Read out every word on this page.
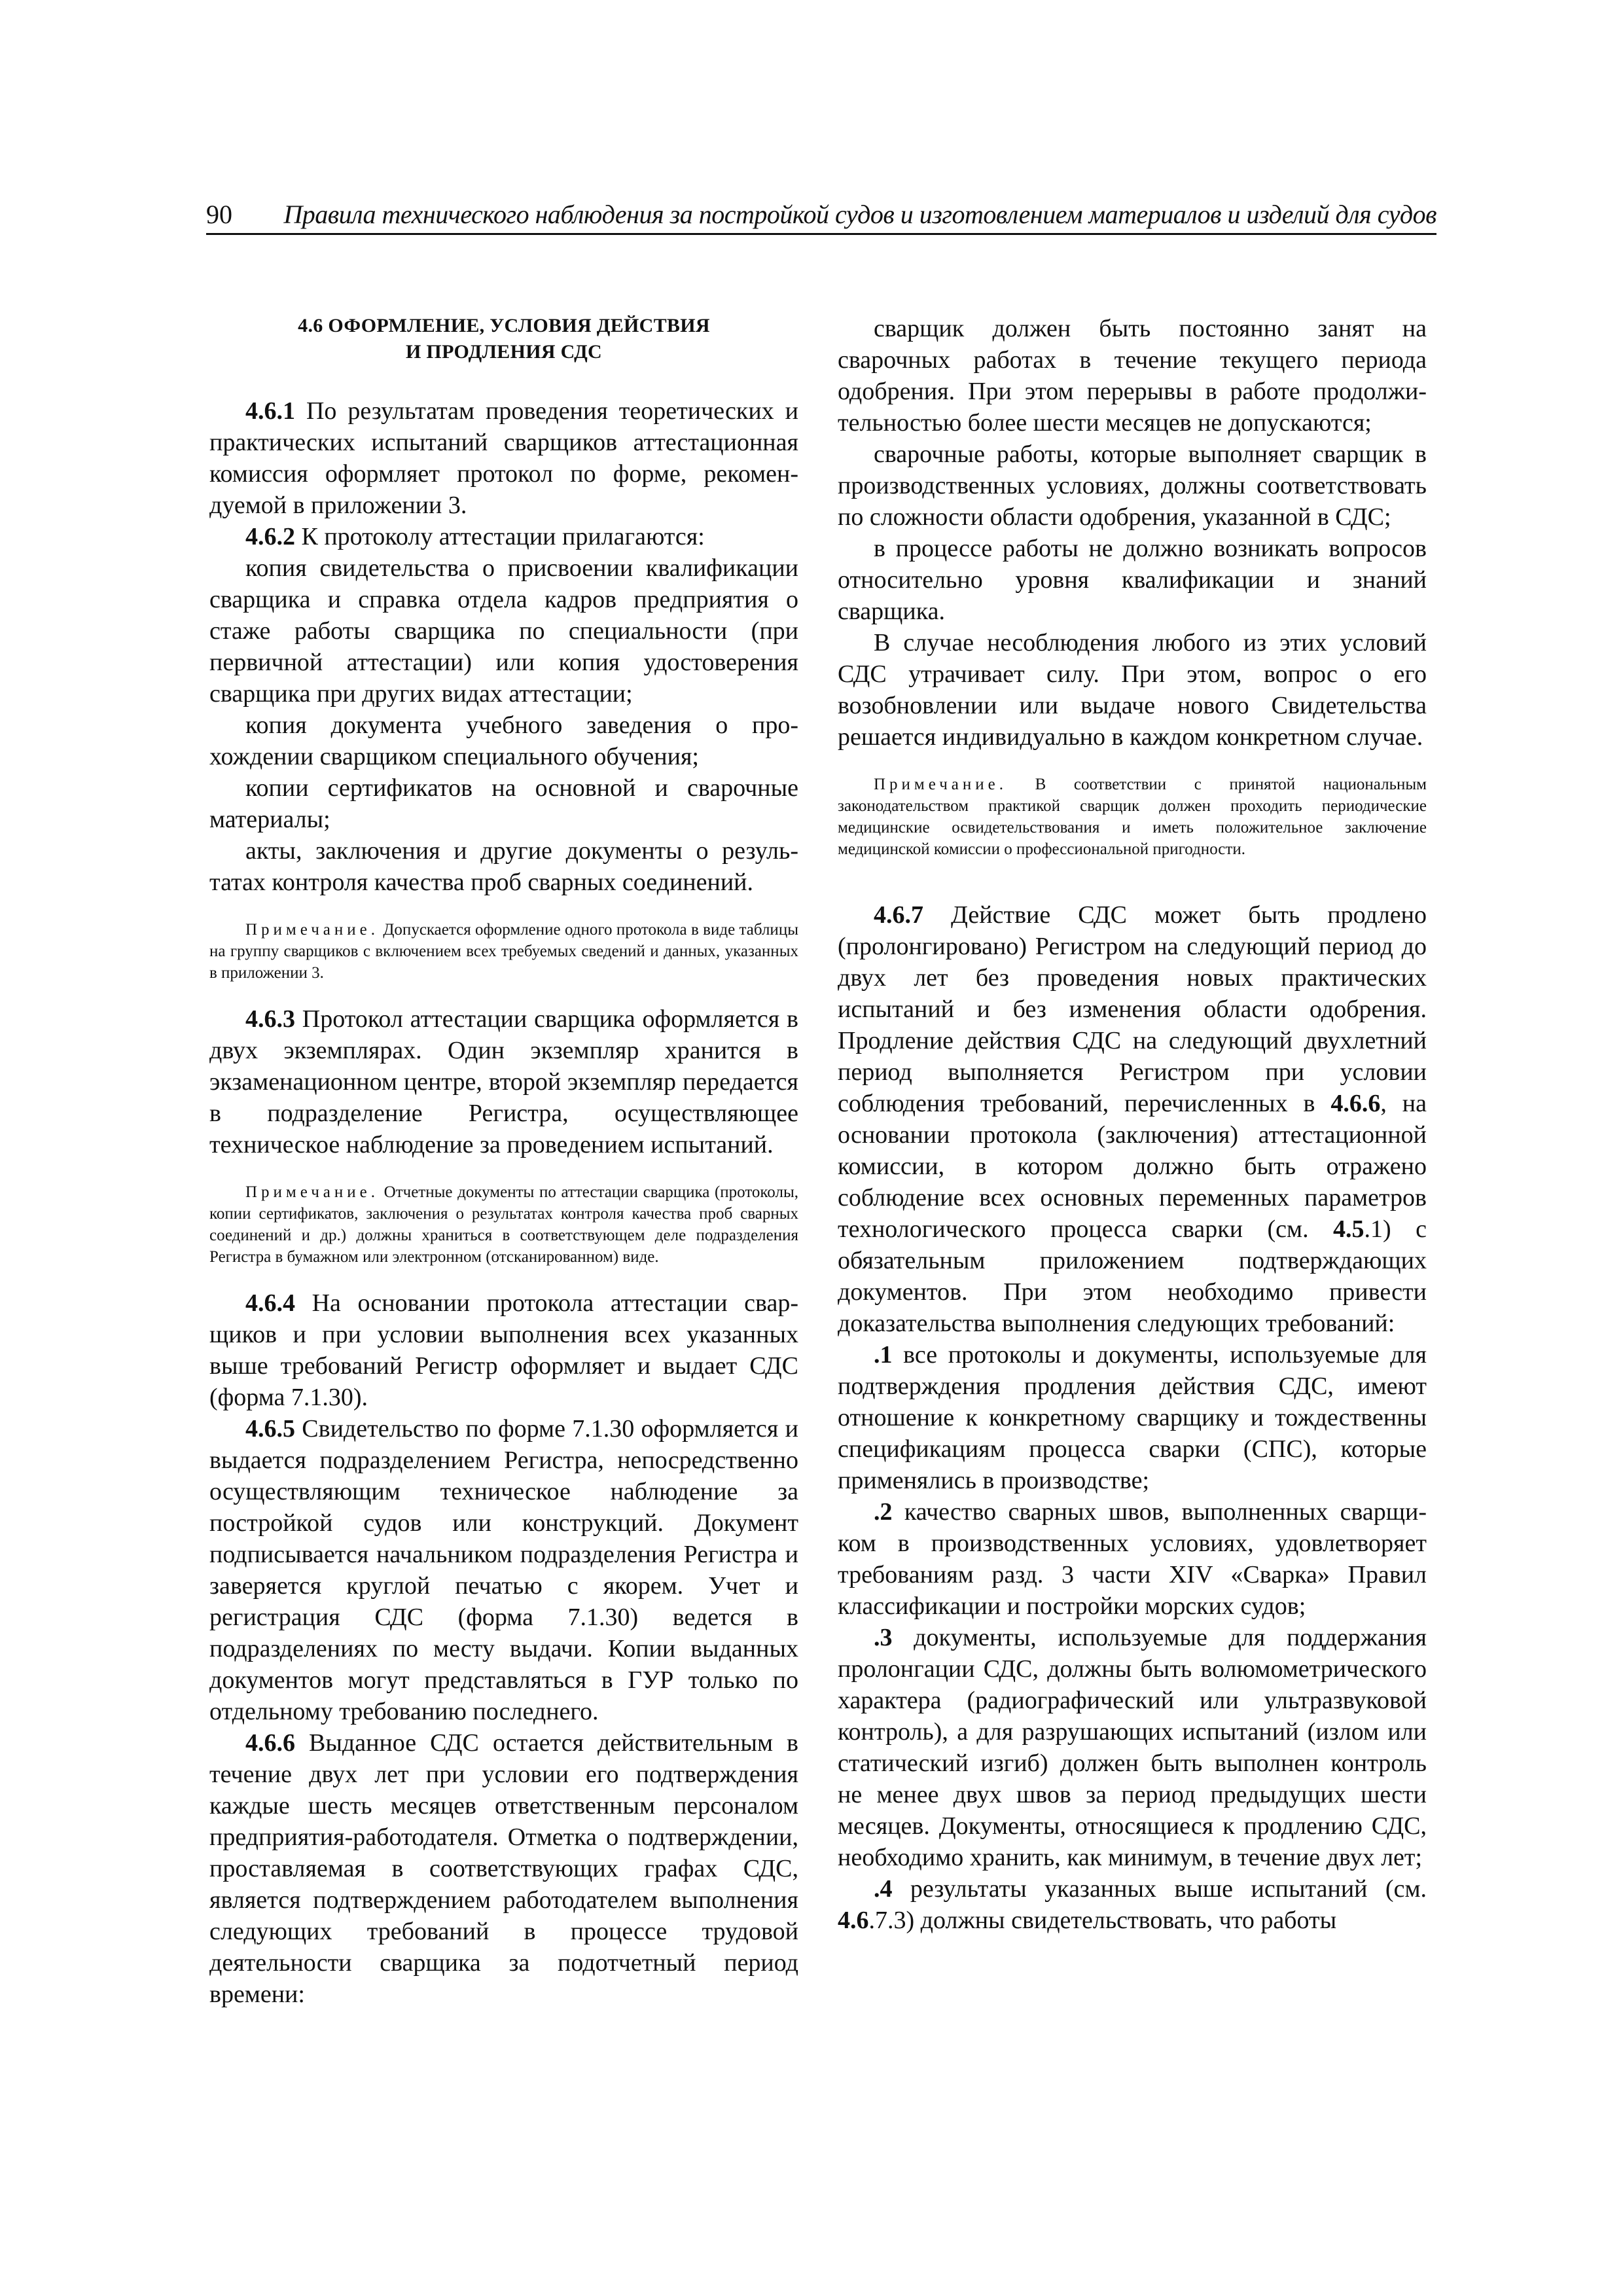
90 Правила технического наблюдения за постройкой судов и изготовлением материалов и изделий для судов

4.6 ОФОРМЛЕНИЕ, УСЛОВИЯ ДЕЙСТВИЯ
И ПРОДЛЕНИЯ СДС

4.6.1 По результатам проведения теоретических и практических испытаний сварщиков аттестационная комиссия оформляет протокол по форме, рекомендуемой в приложении 3.

4.6.2 К протоколу аттестации прилагаются:

копия свидетельства о присвоении квалификации сварщика и справка отдела кадров предприятия о стаже работы сварщика по специальности (при первичной аттестации) или копия удостоверения сварщика при других видах аттестации;

копия документа учебного заведения о прохождении сварщиком специального обучения;

копии сертификатов на основной и сварочные материалы;

акты, заключения и другие документы о результатах контроля качества проб сварных соединений.

Примечание. Допускается оформление одного протокола в виде таблицы на группу сварщиков с включением всех требуемых сведений и данных, указанных в приложении 3.

4.6.3 Протокол аттестации сварщика оформляется в двух экземплярах. Один экземпляр хранится в экзаменационном центре, второй экземпляр передается в подразделение Регистра, осуществляющее техническое наблюдение за проведением испытаний.

Примечание. Отчетные документы по аттестации сварщика (протоколы, копии сертификатов, заключения о результатах контроля качества проб сварных соединений и др.) должны храниться в соответствующем деле подразделения Регистра в бумажном или электронном (отсканированном) виде.

4.6.4 На основании протокола аттестации сварщиков и при условии выполнения всех указанных выше требований Регистр оформляет и выдает СДС (форма 7.1.30).

4.6.5 Свидетельство по форме 7.1.30 оформляется и выдается подразделением Регистра, непосредственно осуществляющим техническое наблюдение за постройкой судов или конструкций. Документ подписывается начальником подразделения Регистра и заверяется круглой печатью с якорем. Учет и регистрация СДС (форма 7.1.30) ведется в подразделениях по месту выдачи. Копии выданных документов могут представляться в ГУР только по отдельному требованию последнего.

4.6.6 Выданное СДС остается действительным в течение двух лет при условии его подтверждения каждые шесть месяцев ответственным персоналом предприятия-работодателя. Отметка о подтверждении, проставляемая в соответствующих графах СДС, является подтверждением работодателем выполнения следующих требований в процессе трудовой деятельности сварщика за подотчетный период времени:

сварщик должен быть постоянно занят на сварочных работах в течение текущего периода одобрения. При этом перерывы в работе продолжительностью более шести месяцев не допускаются;

сварочные работы, которые выполняет сварщик в производственных условиях, должны соответствовать по сложности области одобрения, указанной в СДС;

в процессе работы не должно возникать вопросов относительно уровня квалификации и знаний сварщика.

В случае несоблюдения любого из этих условий СДС утрачивает силу. При этом, вопрос о его возобновлении или выдаче нового Свидетельства решается индивидуально в каждом конкретном случае.

Примечание. В соответствии с принятой национальным законодательством практикой сварщик должен проходить периодические медицинские освидетельствования и иметь положительное заключение медицинской комиссии о профессиональной пригодности.

4.6.7 Действие СДС может быть продлено (пролонгировано) Регистром на следующий период до двух лет без проведения новых практических испытаний и без изменения области одобрения. Продление действия СДС на следующий двухлетний период выполняется Регистром при условии соблюдения требований, перечисленных в 4.6.6, на основании протокола (заключения) аттестационной комиссии, в котором должно быть отражено соблюдение всех основных переменных параметров технологического процесса сварки (см. 4.5.1) с обязательным приложением подтверждающих документов. При этом необходимо привести доказательства выполнения следующих требований:

.1 все протоколы и документы, используемые для подтверждения продления действия СДС, имеют отношение к конкретному сварщику и тождественны спецификациям процесса сварки (СПС), которые применялись в производстве;

.2 качество сварных швов, выполненных сварщиком в производственных условиях, удовлетворяет требованиям разд. 3 части XIV «Сварка» Правил классификации и постройки морских судов;

.3 документы, используемые для поддержания пролонгации СДС, должны быть волюмометрического характера (радиографический или ультразвуковой контроль), а для разрушающих испытаний (излом или статический изгиб) должен быть выполнен контроль не менее двух швов за период предыдущих шести месяцев. Документы, относящиеся к продлению СДС, необходимо хранить, как минимум, в течение двух лет;

.4 результаты указанных выше испытаний (см. 4.6.7.3) должны свидетельствовать, что работы
